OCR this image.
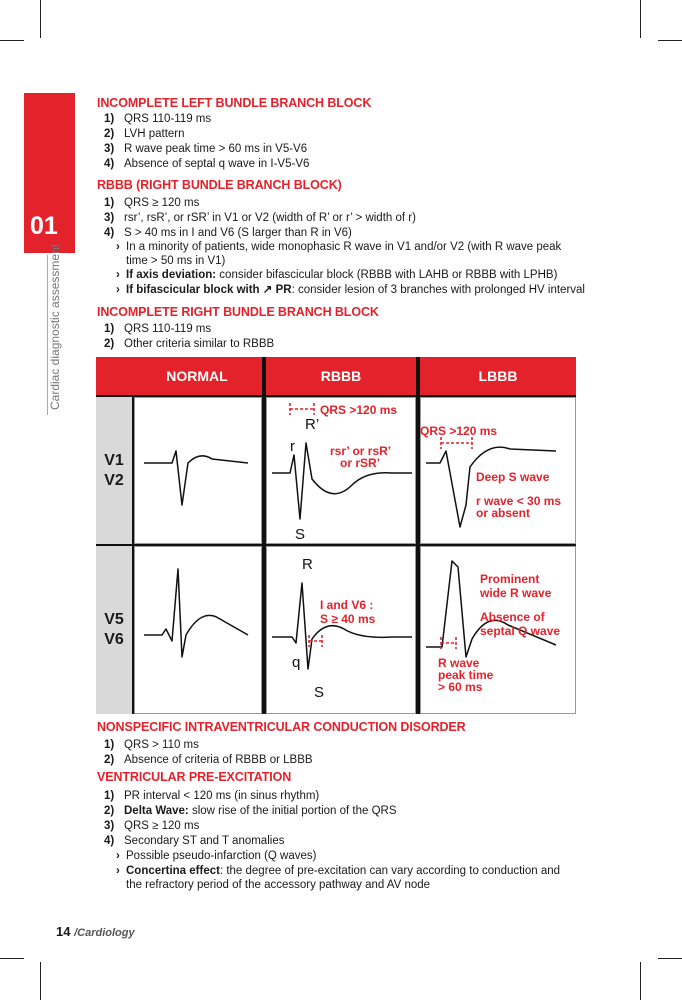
01
Cardiac diagnostic assessment
INCOMPLETE LEFT BUNDLE BRANCH BLOCK
1) QRS 110-119 ms
2) LVH pattern
3) R wave peak time > 60 ms in V5-V6
4) Absence of septal q wave in I-V5-V6
RBBB (RIGHT BUNDLE BRANCH BLOCK)
1) QRS ≥ 120 ms
3) rsr’, rsR’, or rSR’ in V1 or V2 (width of R’ or r’ > width of r)
4) S > 40 ms in I and V6 (S larger than R in V6)
› In a minority of patients, wide monophasic R wave in V1 and/or V2 (with R wave peak
time > 50 ms in V1)
› If axis deviation: consider bifascicular block (RBBB with LAHB or RBBB with LPHB)
› If bifascicular block with ↗ PR: consider lesion of 3 branches with prolonged HV interval
INCOMPLETE RIGHT BUNDLE BRANCH BLOCK
1) QRS 110-119 ms
2) Other criteria similar to RBBB
NORMAL	RBBB	LBBB
V1
V2
V5
V6
QRS >120 ms
R’
r
S
rsr’ or rsR’
or rSR’
QRS >120 ms
Deep S wave
r wave < 30 ms
or absent
R
q
S
I and V6 :
S ≥ 40 ms
Prominent
wide R wave
Absence of
septal Q wave
R wave
peak time
> 60 ms
NONSPECIFIC INTRAVENTRICULAR CONDUCTION DISORDER
1) QRS > 110 ms
2) Absence of criteria of RBBB or LBBB
VENTRICULAR PRE-EXCITATION
1) PR interval < 120 ms (in sinus rhythm)
2) Delta Wave: slow rise of the initial portion of the QRS
3) QRS ≥ 120 ms
4) Secondary ST and T anomalies
› Possible pseudo-infarction (Q waves)
› Concertina effect: the degree of pre-excitation can vary according to conduction and
the refractory period of the accessory pathway and AV node
14 /Cardiology
